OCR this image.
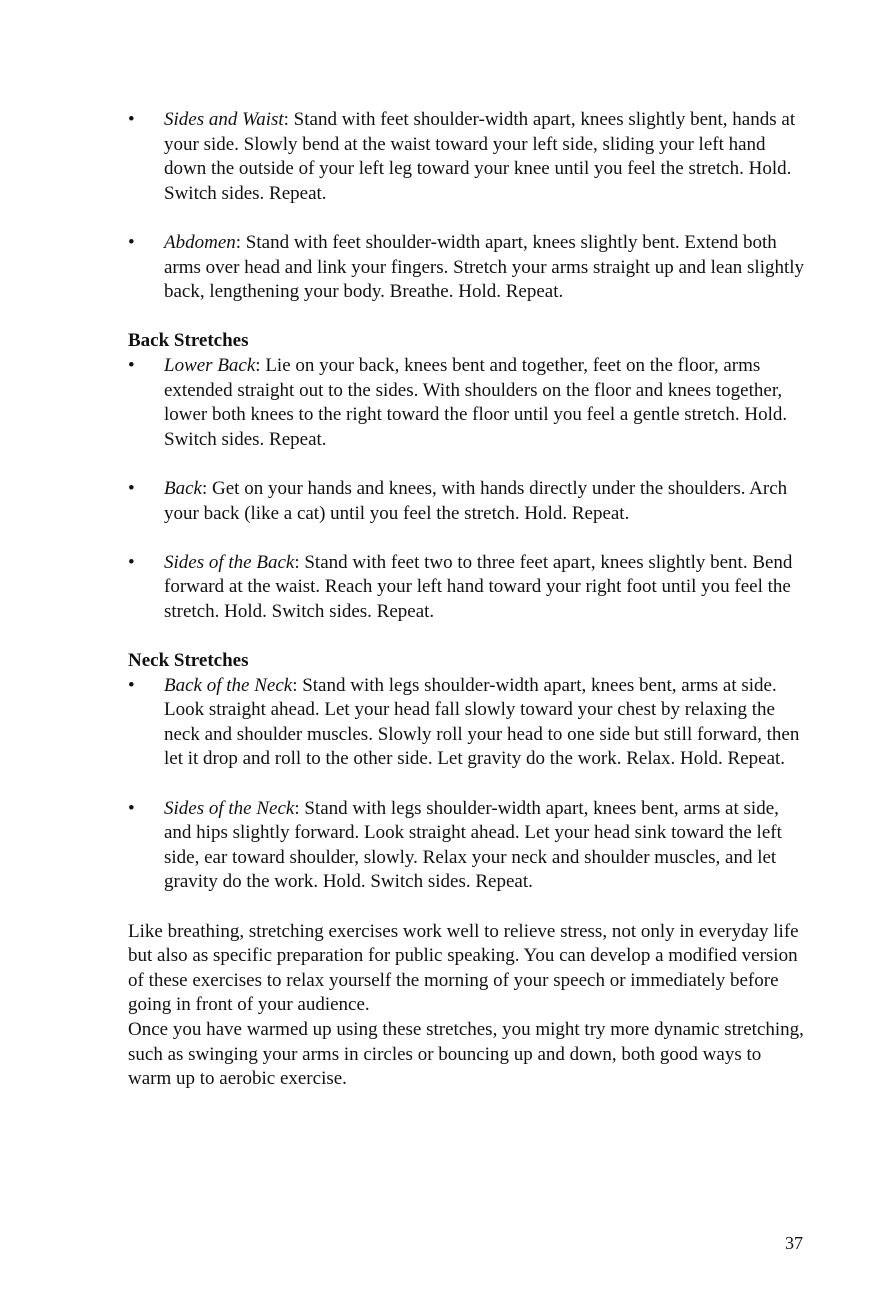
• Sides and Waist: Stand with feet shoulder-width apart, knees slightly bent, hands at your side. Slowly bend at the waist toward your left side, sliding your left hand down the outside of your left leg toward your knee until you feel the stretch. Hold. Switch sides. Repeat.
• Abdomen: Stand with feet shoulder-width apart, knees slightly bent. Extend both arms over head and link your fingers. Stretch your arms straight up and lean slightly back, lengthening your body. Breathe. Hold. Repeat.

Back Stretches

• Lower Back: Lie on your back, knees bent and together, feet on the floor, arms extended straight out to the sides. With shoulders on the floor and knees together, lower both knees to the right toward the floor until you feel a gentle stretch. Hold. Switch sides. Repeat.
• Back: Get on your hands and knees, with hands directly under the shoulders. Arch your back (like a cat) until you feel the stretch. Hold. Repeat.
• Sides of the Back: Stand with feet two to three feet apart, knees slightly bent. Bend forward at the waist. Reach your left hand toward your right foot until you feel the stretch. Hold. Switch sides. Repeat.

Neck Stretches

• Back of the Neck: Stand with legs shoulder-width apart, knees bent, arms at side. Look straight ahead. Let your head fall slowly toward your chest by relaxing the neck and shoulder muscles. Slowly roll your head to one side but still forward, then let it drop and roll to the other side. Let gravity do the work. Relax. Hold. Repeat.
• Sides of the Neck: Stand with legs shoulder-width apart, knees bent, arms at side, and hips slightly forward. Look straight ahead. Let your head sink toward the left side, ear toward shoulder, slowly. Relax your neck and shoulder muscles, and let gravity do the work. Hold. Switch sides. Repeat.

Like breathing, stretching exercises work well to relieve stress, not only in everyday life but also as specific preparation for public speaking. You can develop a modified version of these exercises to relax yourself the morning of your speech or immediately before going in front of your audience.

Once you have warmed up using these stretches, you might try more dynamic stretching, such as swinging your arms in circles or bouncing up and down, both good ways to warm up to aerobic exercise.

37
